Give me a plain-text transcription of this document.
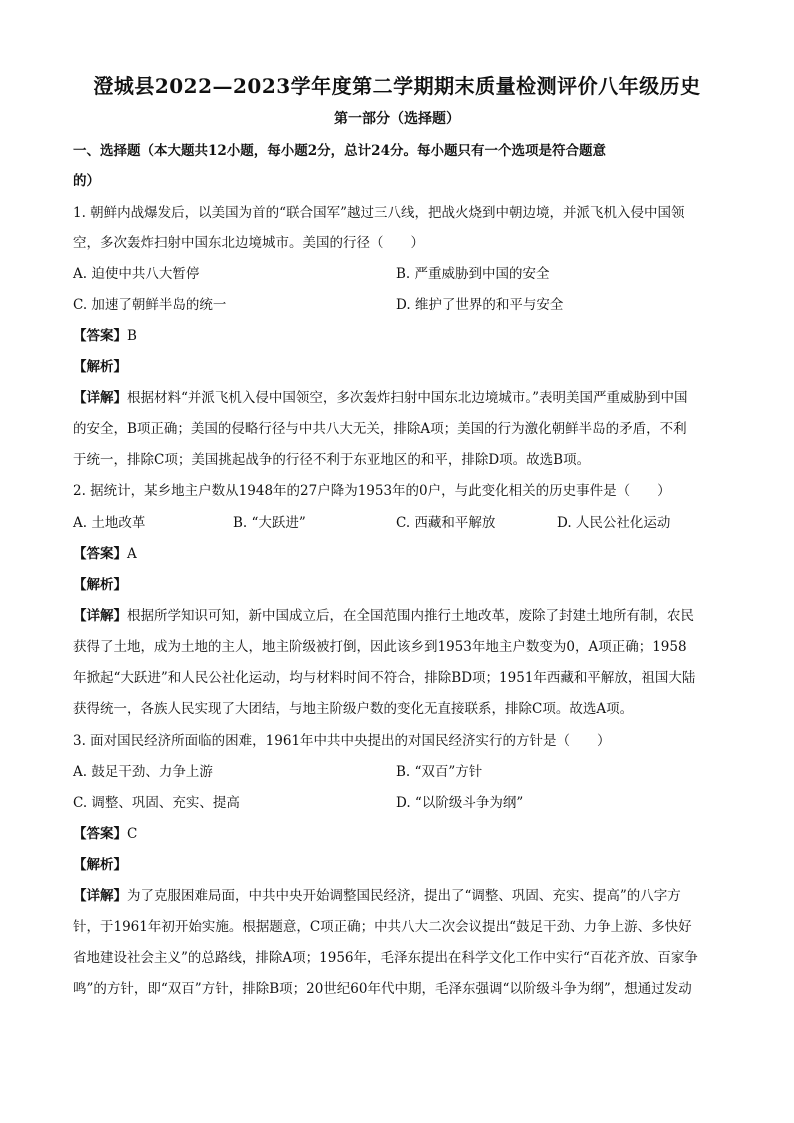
澄城县2022—2023学年度第二学期期末质量检测评价八年级历史
第一部分（选择题）
一、选择题（本大题共12小题，每小题2分，总计24分。每小题只有一个选项是符合题意
的）
1. 朝鲜内战爆发后，以美国为首的“联合国军”越过三八线，把战火烧到中朝边境，并派飞机入侵中国领
空，多次轰炸扫射中国东北边境城市。美国的行径（　　）
A. 迫使中共八大暂停	B. 严重威胁到中国的安全
C. 加速了朝鲜半岛的统一	D. 维护了世界的和平与安全
【答案】B
【解析】
【详解】根据材料“并派飞机入侵中国领空，多次轰炸扫射中国东北边境城市。”表明美国严重威胁到中国
的安全，B项正确；美国的侵略行径与中共八大无关，排除A项；美国的行为激化朝鲜半岛的矛盾，不利
于统一，排除C项；美国挑起战争的行径不利于东亚地区的和平，排除D项。故选B项。
2. 据统计，某乡地主户数从1948年的27户降为1953年的0户，与此变化相关的历史事件是（　　）
A. 土地改革	B. “大跃进”	C. 西藏和平解放	D. 人民公社化运动
【答案】A
【解析】
【详解】根据所学知识可知，新中国成立后，在全国范围内推行土地改革，废除了封建土地所有制，农民
获得了土地，成为土地的主人，地主阶级被打倒，因此该乡到1953年地主户数变为0，A项正确；1958
年掀起“大跃进”和人民公社化运动，均与材料时间不符合，排除BD项；1951年西藏和平解放，祖国大陆
获得统一，各族人民实现了大团结，与地主阶级户数的变化无直接联系，排除C项。故选A项。
3. 面对国民经济所面临的困难，1961年中共中央提出的对国民经济实行的方针是（　　）
A. 鼓足干劲、力争上游	B. “双百”方针
C. 调整、巩固、充实、提高	D. “以阶级斗争为纲”
【答案】C
【解析】
【详解】为了克服困难局面，中共中央开始调整国民经济，提出了“调整、巩固、充实、提高”的八字方
针，于1961年初开始实施。根据题意，C项正确；中共八大二次会议提出“鼓足干劲、力争上游、多快好
省地建设社会主义”的总路线，排除A项；1956年，毛泽东提出在科学文化工作中实行“百花齐放、百家争
鸣”的方针，即“双百”方针，排除B项；20世纪60年代中期，毛泽东强调“以阶级斗争为纲”，想通过发动
